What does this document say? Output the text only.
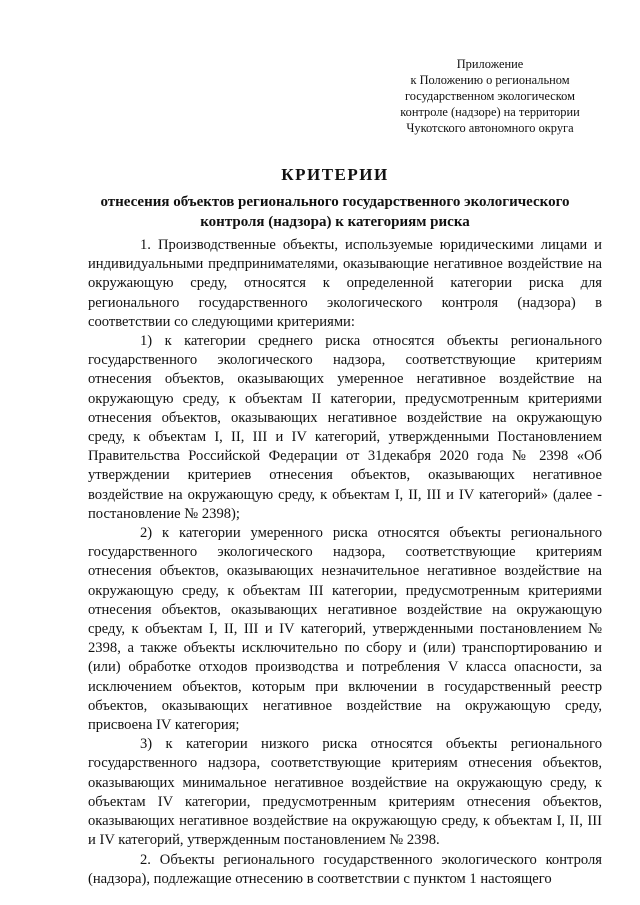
Приложение
к Положению о региональном
государственном экологическом
контроле (надзоре) на территории
Чукотского автономного округа
КРИТЕРИИ
отнесения объектов регионального государственного экологического
контроля (надзора) к категориям риска

1. Производственные объекты, используемые юридическими лицами и индивидуальными предпринимателями, оказывающие негативное воздействие на окружающую среду, относятся к определенной категории риска для регионального государственного экологического контроля (надзора) в соответствии со следующими критериями:

1) к категории среднего риска относятся объекты регионального государственного экологического надзора, соответствующие критериям отнесения объектов, оказывающих умеренное негативное воздействие на окружающую среду, к объектам II категории, предусмотренным критериями отнесения объектов, оказывающих негативное воздействие на окружающую среду, к объектам I, II, III и IV категорий, утвержденными Постановлением Правительства Российской Федерации от 31декабря 2020 года № 2398 «Об утверждении критериев отнесения объектов, оказывающих негативное воздействие на окружающую среду, к объектам I, II, III и IV категорий» (далее - постановление № 2398);

2) к категории умеренного риска относятся объекты регионального государственного экологического надзора, соответствующие критериям отнесения объектов, оказывающих незначительное негативное воздействие на окружающую среду, к объектам III категории, предусмотренным критериями отнесения объектов, оказывающих негативное воздействие на окружающую среду, к объектам I, II, III и IV категорий, утвержденными постановлением № 2398, а также объекты исключительно по сбору и (или) транспортированию и (или) обработке отходов производства и потребления V класса опасности, за исключением объектов, которым при включении в государственный реестр объектов, оказывающих негативное воздействие на окружающую среду, присвоена IV категория;

3) к категории низкого риска относятся объекты регионального государственного надзора, соответствующие критериям отнесения объектов, оказывающих минимальное негативное воздействие на окружающую среду, к объектам IV категории, предусмотренным критериям отнесения объектов, оказывающих негативное воздействие на окружающую среду, к объектам I, II, III и IV категорий, утвержденным постановлением № 2398.

2. Объекты регионального государственного экологического контроля (надзора), подлежащие отнесению в соответствии с пунктом 1 настоящего
